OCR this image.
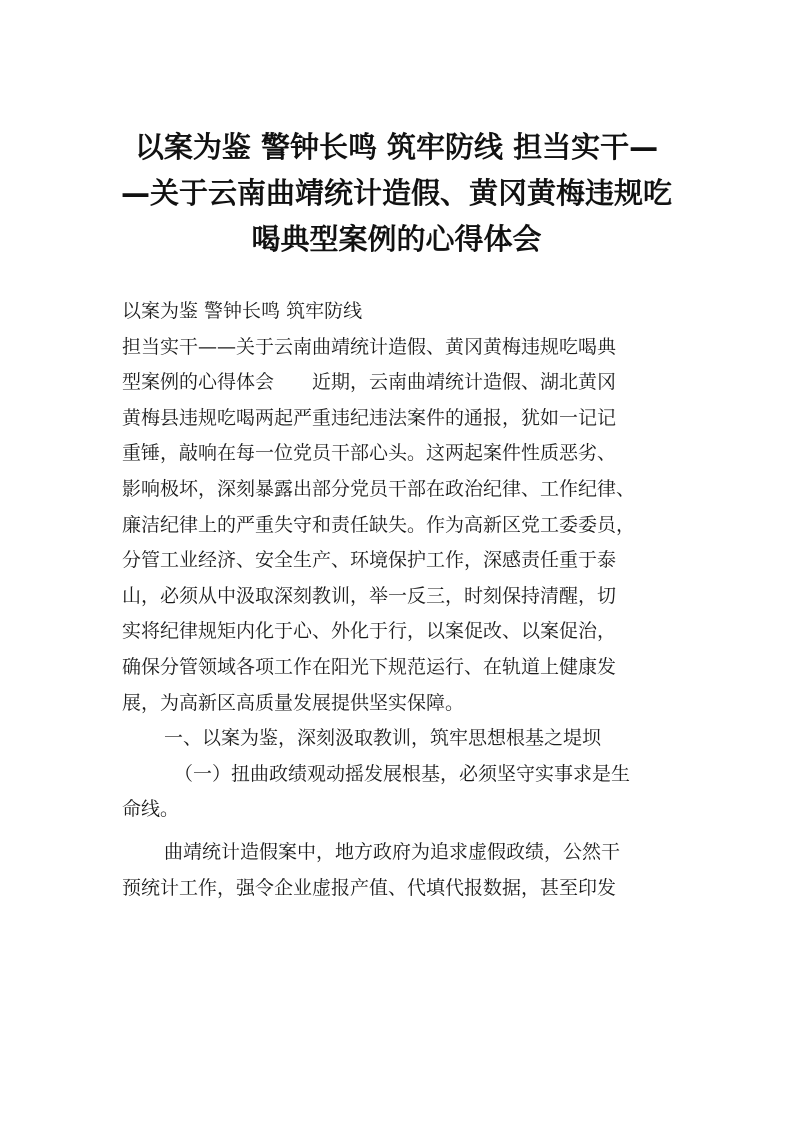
以案为鉴 警钟长鸣 筑牢防线 担当实干—
—关于云南曲靖统计造假、黄冈黄梅违规吃
喝典型案例的心得体会
以案为鉴 警钟长鸣 筑牢防线
担当实干——关于云南曲靖统计造假、黄冈黄梅违规吃喝典
型案例的心得体会　　近期，云南曲靖统计造假、湖北黄冈
黄梅县违规吃喝两起严重违纪违法案件的通报，犹如一记记
重锤，敲响在每一位党员干部心头。这两起案件性质恶劣、
影响极坏，深刻暴露出部分党员干部在政治纪律、工作纪律、
廉洁纪律上的严重失守和责任缺失。作为高新区党工委委员，
分管工业经济、安全生产、环境保护工作，深感责任重于泰
山，必须从中汲取深刻教训，举一反三，时刻保持清醒，切
实将纪律规矩内化于心、外化于行，以案促改、以案促治，
确保分管领域各项工作在阳光下规范运行、在轨道上健康发
展，为高新区高质量发展提供坚实保障。
一、以案为鉴，深刻汲取教训，筑牢思想根基之堤坝
（一）扭曲政绩观动摇发展根基，必须坚守实事求是生
命线。
曲靖统计造假案中，地方政府为追求虚假政绩，公然干
预统计工作，强令企业虚报产值、代填代报数据，甚至印发
